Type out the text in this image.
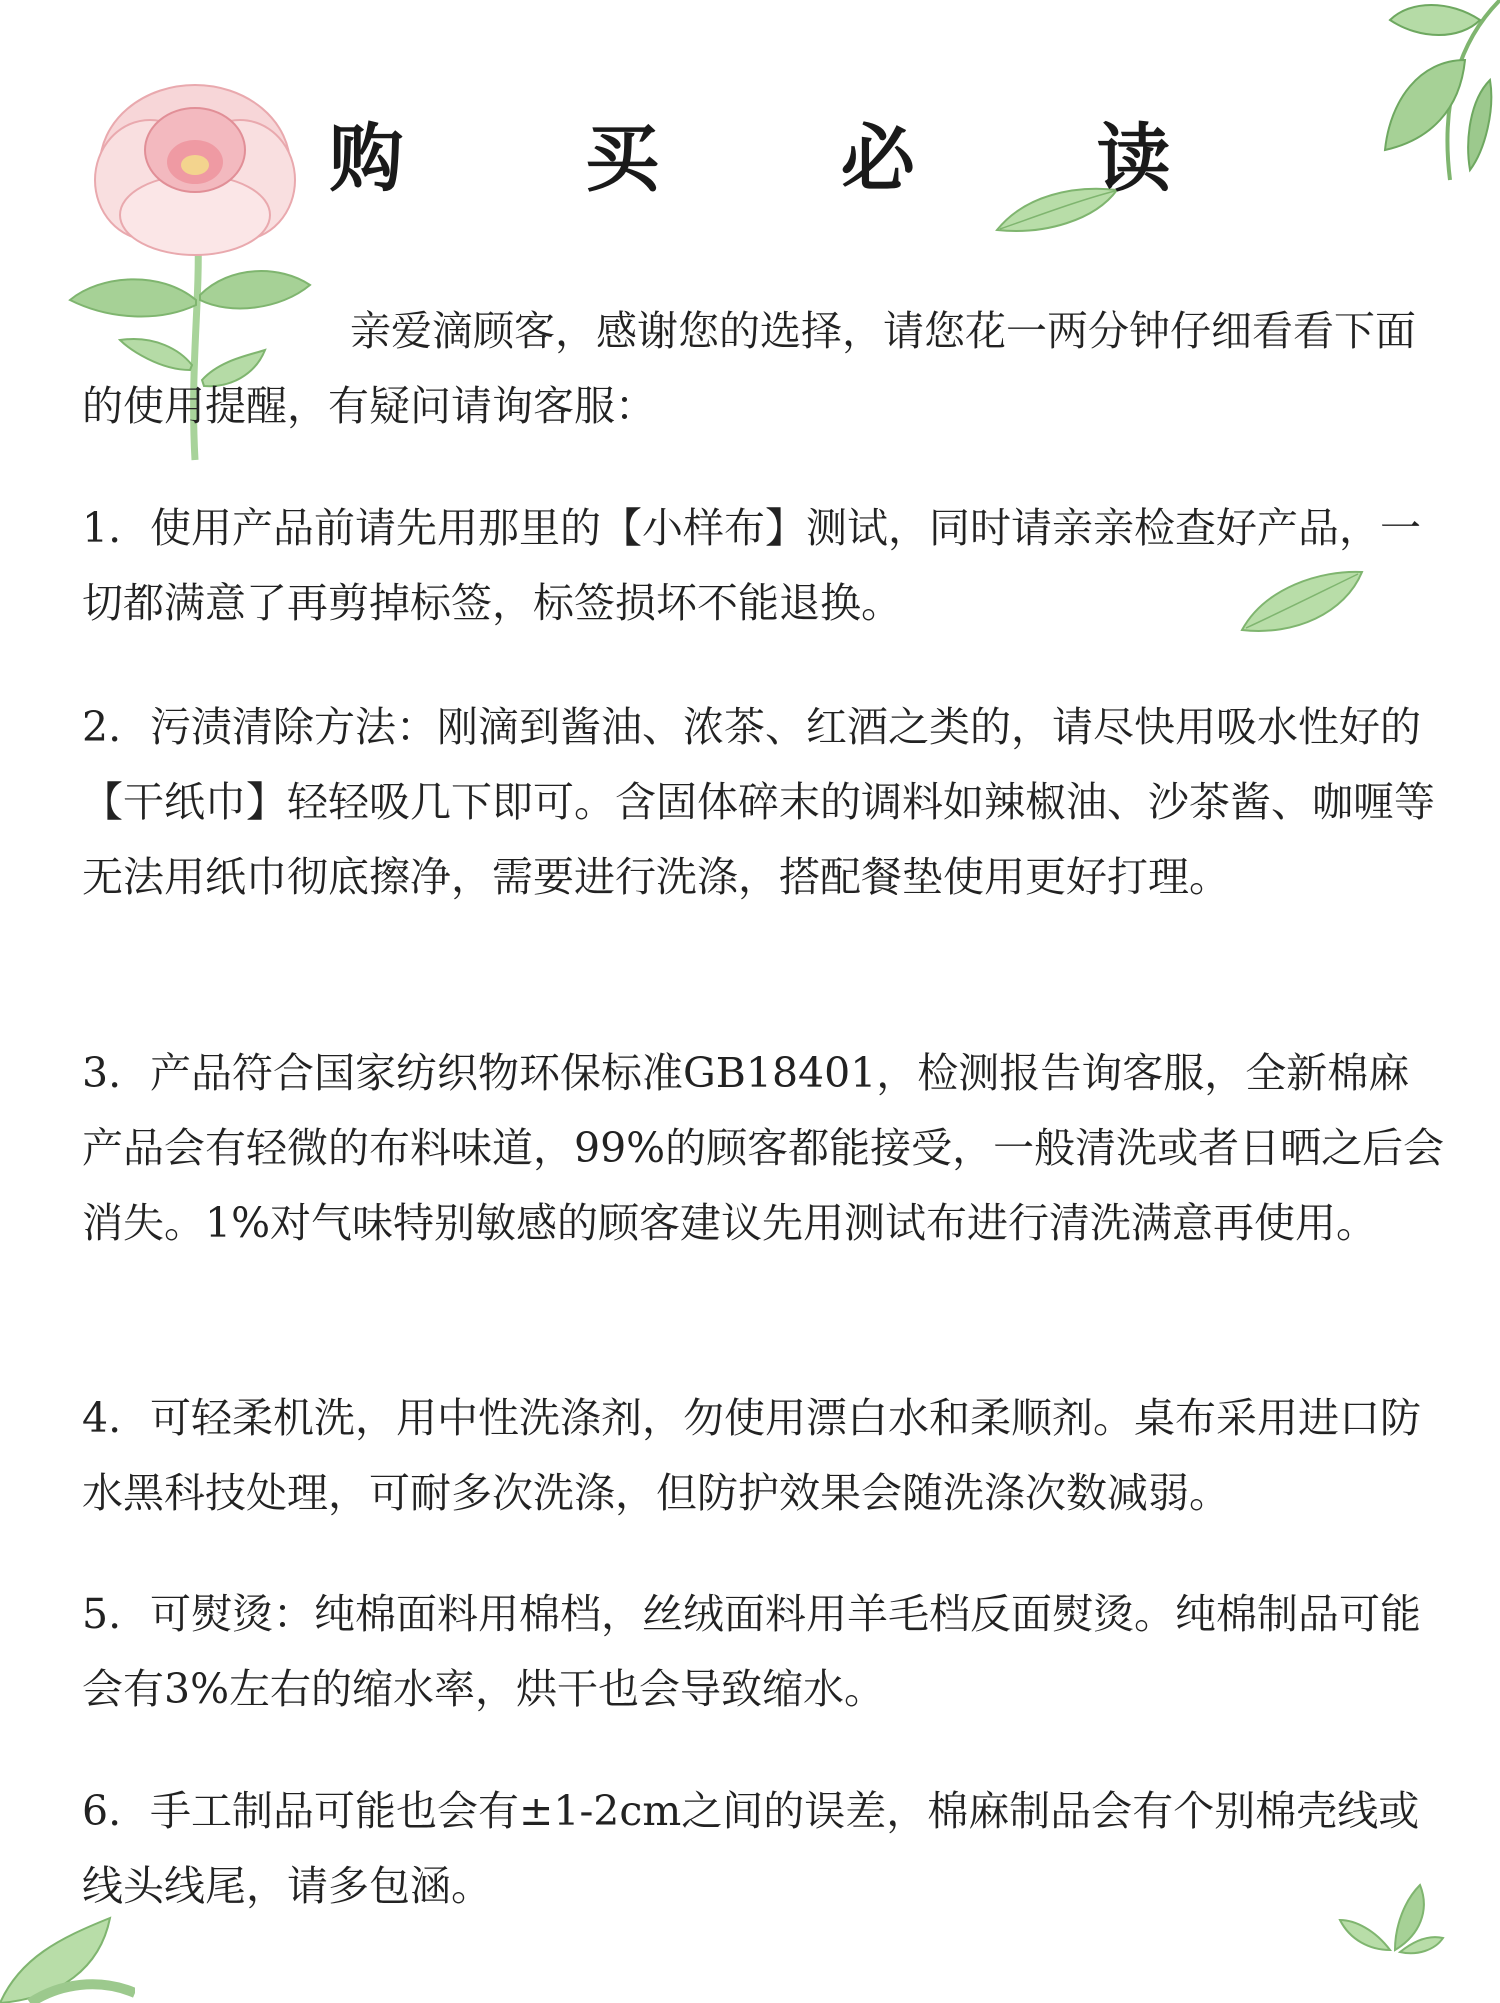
购 买 必 读
亲爱滴顾客，感谢您的选择，请您花一两分钟仔细看看下面的使用提醒，有疑问请询客服：
1. 使用产品前请先用那里的【小样布】测试，同时请亲亲检查好产品，一切都满意了再剪掉标签，标签损坏不能退换。
2. 污渍清除方法：刚滴到酱油、浓茶、红酒之类的，请尽快用吸水性好的【干纸巾】轻轻吸几下即可。含固体碎末的调料如辣椒油、沙茶酱、咖喱等无法用纸巾彻底擦净，需要进行洗涤，搭配餐垫使用更好打理。
3. 产品符合国家纺织物环保标准GB18401，检测报告询客服，全新棉麻产品会有轻微的布料味道，99%的顾客都能接受，一般清洗或者日晒之后会消失。1%对气味特别敏感的顾客建议先用测试布进行清洗满意再使用。
4. 可轻柔机洗，用中性洗涤剂，勿使用漂白水和柔顺剂。桌布采用进口防水黑科技处理，可耐多次洗涤，但防护效果会随洗涤次数减弱。
5. 可熨烫：纯棉面料用棉档，丝绒面料用羊毛档反面熨烫。纯棉制品可能会有3%左右的缩水率，烘干也会导致缩水。
6. 手工制品可能也会有±1-2cm之间的误差，棉麻制品会有个别棉壳线或线头线尾，请多包涵。
